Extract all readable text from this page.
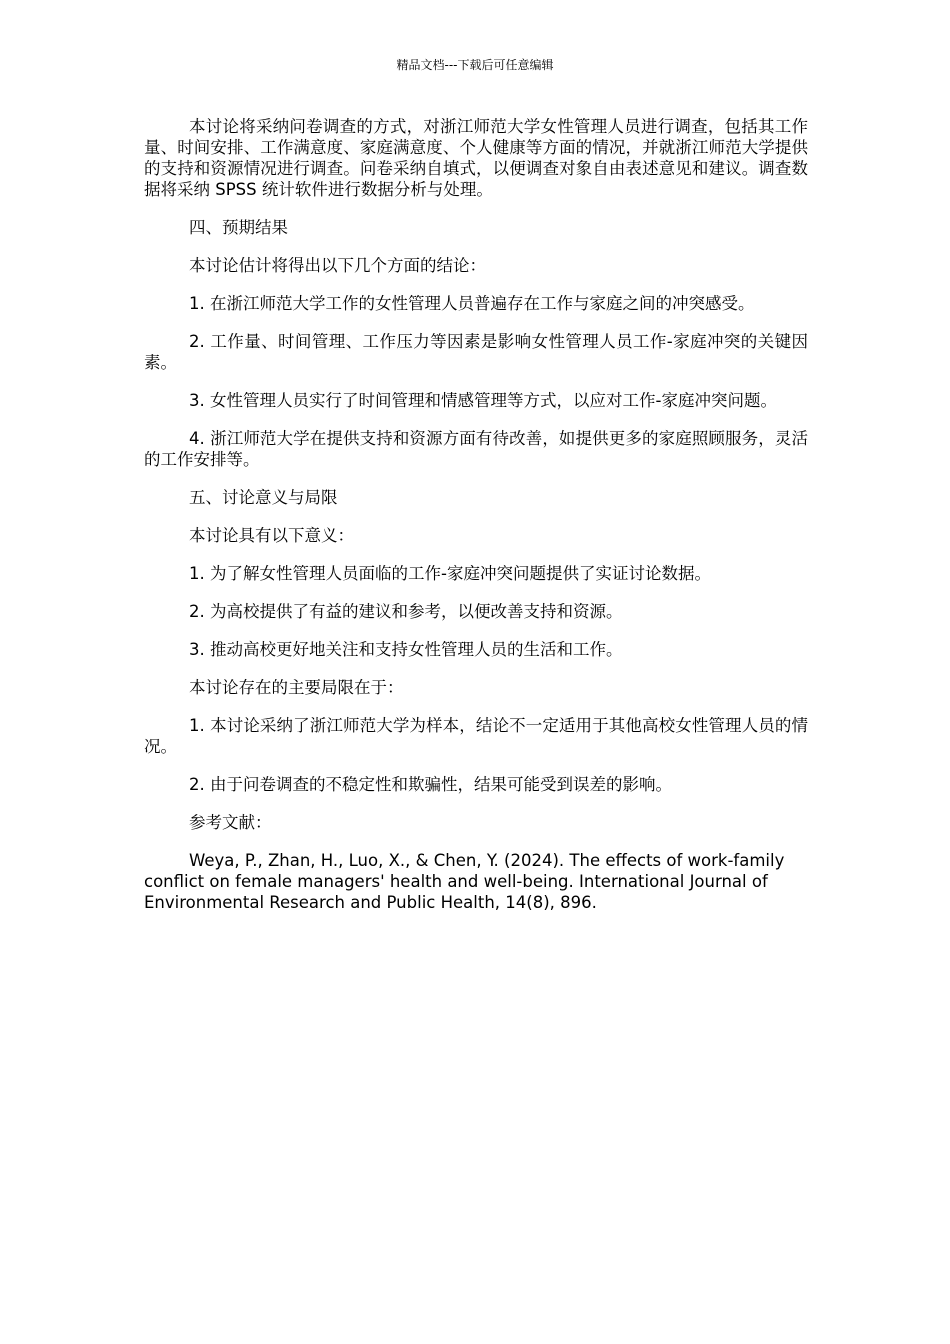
精品文档---下载后可任意编辑

本讨论将采纳问卷调查的方式，对浙江师范大学女性管理人员进行调查，包括其工作量、时间安排、工作满意度、家庭满意度、个人健康等方面的情况，并就浙江师范大学提供的支持和资源情况进行调查。问卷采纳自填式，以便调查对象自由表述意见和建议。调查数据将采纳 SPSS 统计软件进行数据分析与处理。

四、预期结果

本讨论估计将得出以下几个方面的结论：

1. 在浙江师范大学工作的女性管理人员普遍存在工作与家庭之间的冲突感受。

2. 工作量、时间管理、工作压力等因素是影响女性管理人员工作-家庭冲突的关键因素。

3. 女性管理人员实行了时间管理和情感管理等方式，以应对工作-家庭冲突问题。

4. 浙江师范大学在提供支持和资源方面有待改善，如提供更多的家庭照顾服务，灵活的工作安排等。

五、讨论意义与局限

本讨论具有以下意义：

1. 为了解女性管理人员面临的工作-家庭冲突问题提供了实证讨论数据。

2. 为高校提供了有益的建议和参考，以便改善支持和资源。

3. 推动高校更好地关注和支持女性管理人员的生活和工作。

本讨论存在的主要局限在于：

1. 本讨论采纳了浙江师范大学为样本，结论不一定适用于其他高校女性管理人员的情况。

2. 由于问卷调查的不稳定性和欺骗性，结果可能受到误差的影响。

参考文献：

Weya, P., Zhan, H., Luo, X., & Chen, Y. (2024). The effects of work-family conflict on female managers' health and well-being. International Journal of Environmental Research and Public Health, 14(8), 896.
